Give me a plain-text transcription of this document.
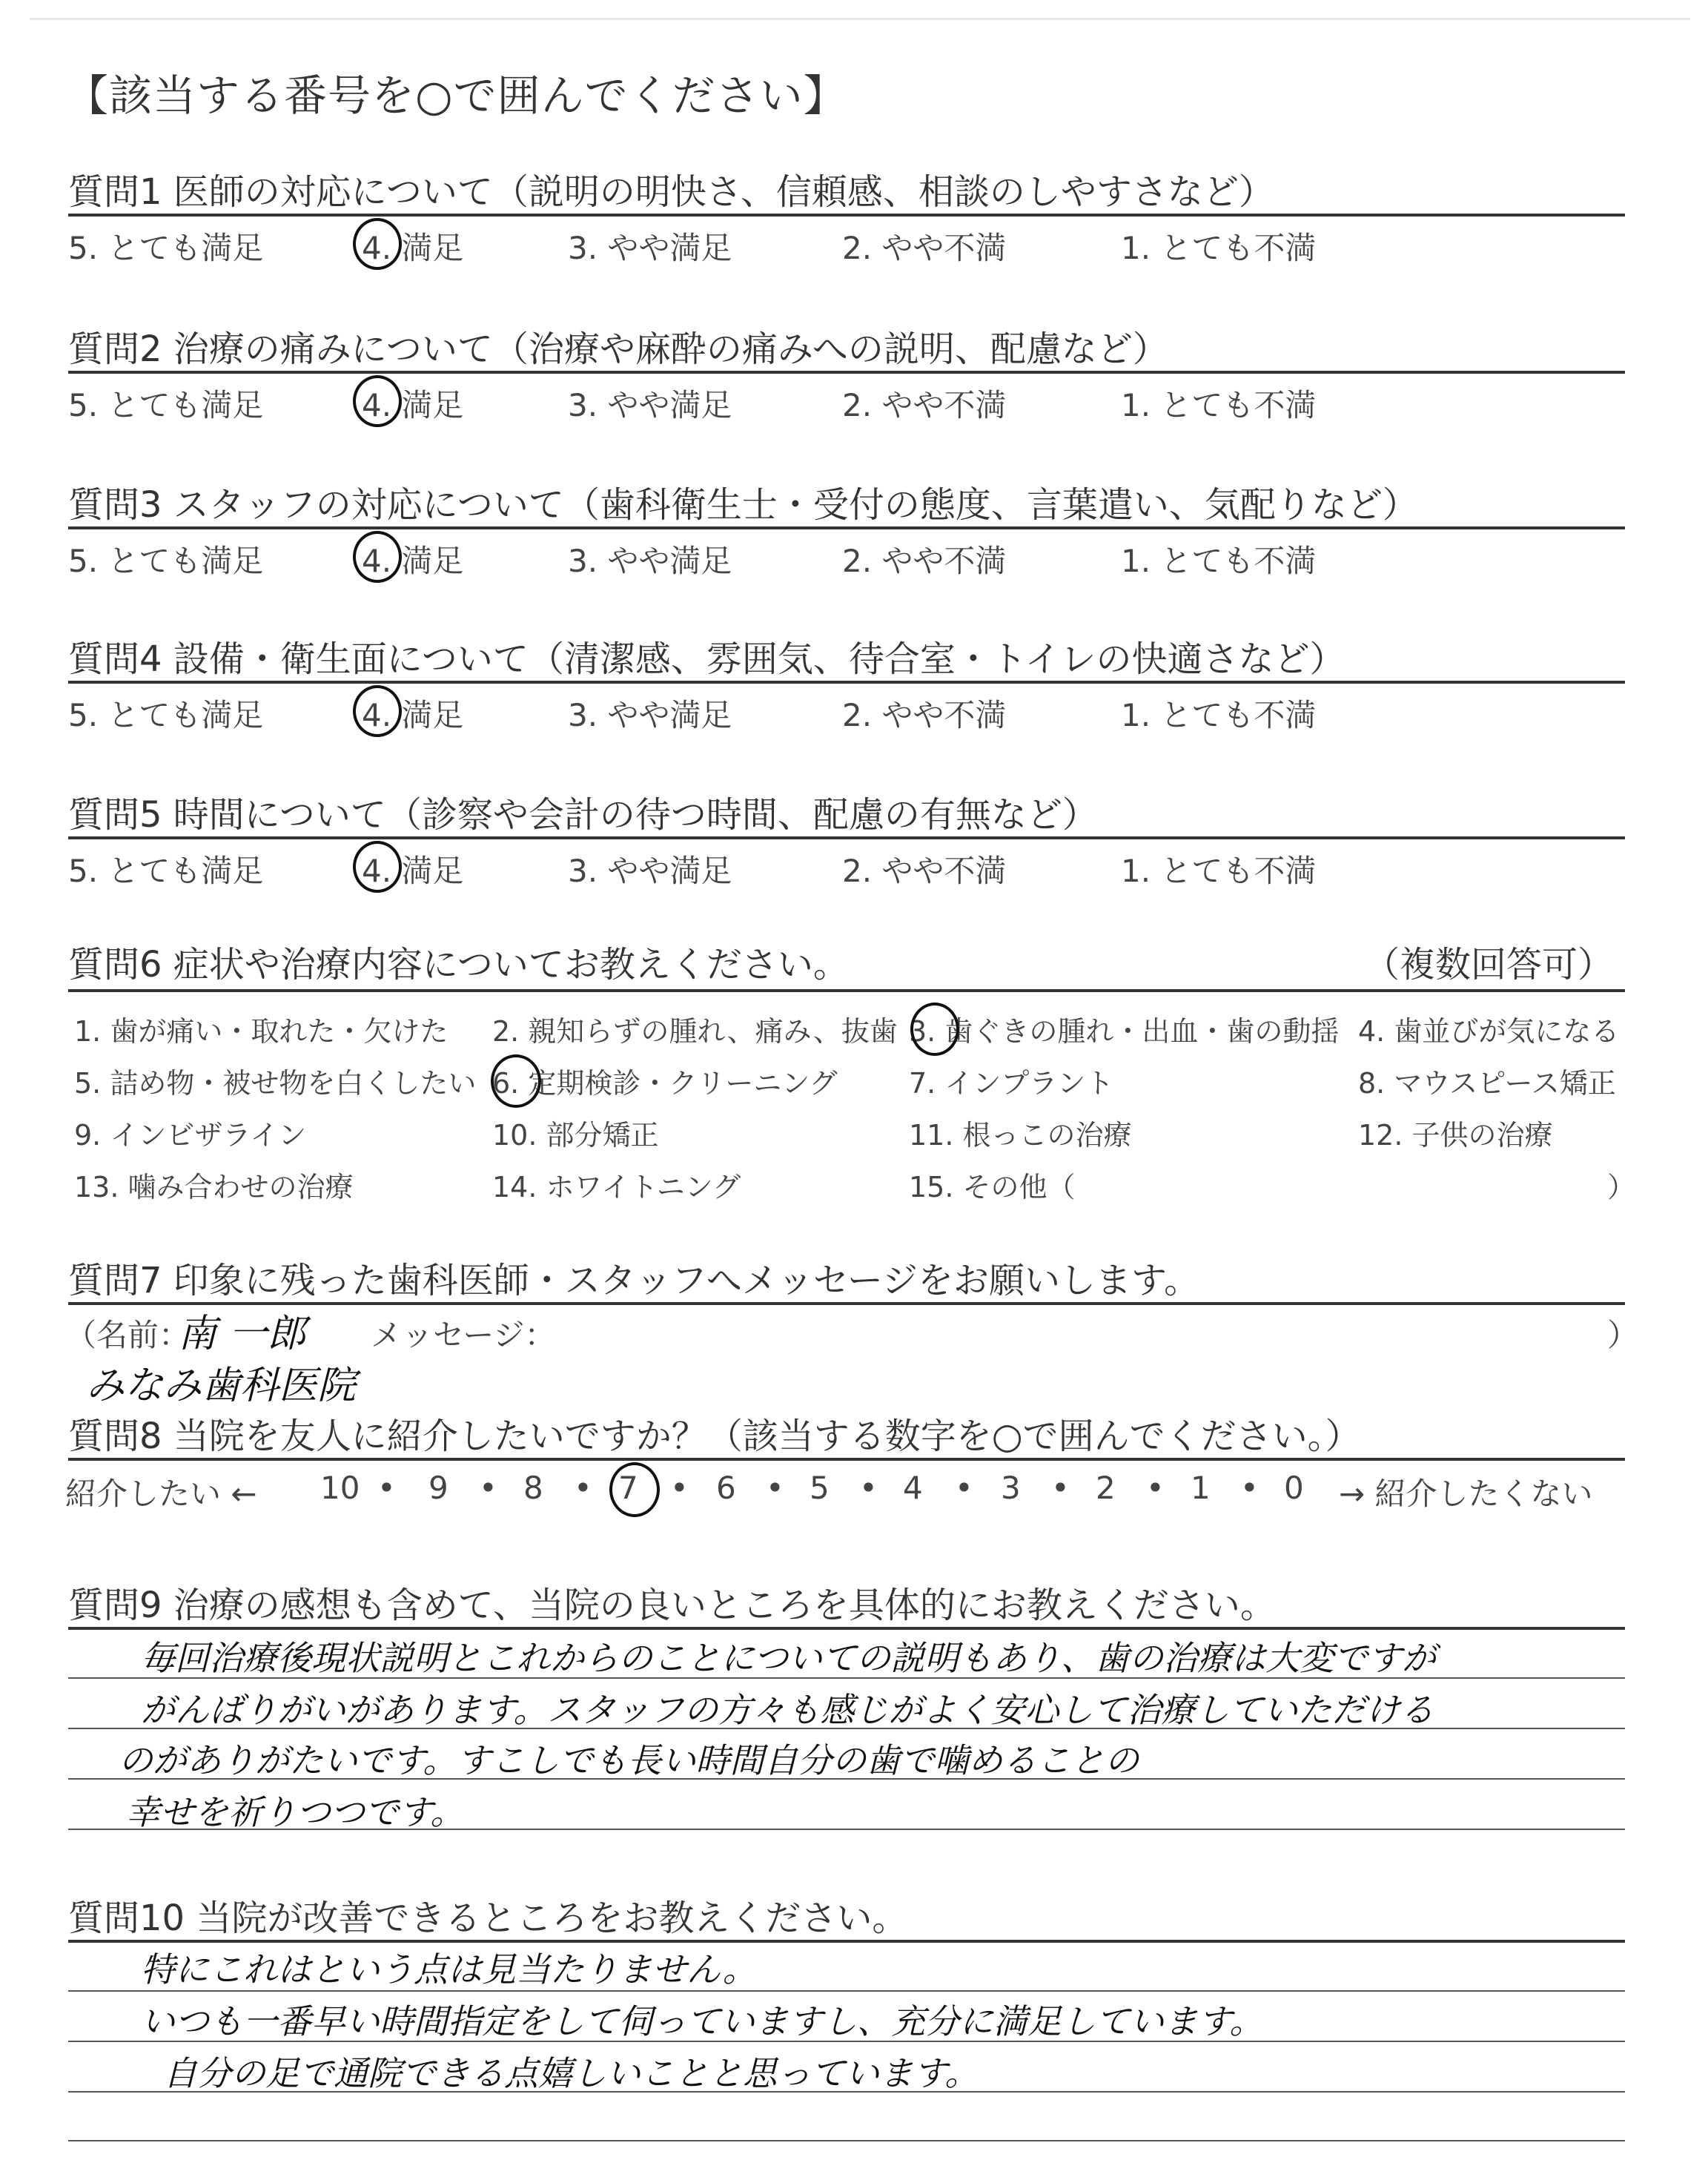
【該当する番号を○で囲んでください】
質問1 医師の対応について（説明の明快さ、信頼感、相談のしやすさなど）
5. とても満足	4. 満足	3. やや満足	2. やや不満	1. とても不満
質問2 治療の痛みについて（治療や麻酔の痛みへの説明、配慮など）
5. とても満足	4. 満足	3. やや満足	2. やや不満	1. とても不満
質問3 スタッフの対応について（歯科衛生士・受付の態度、言葉遣い、気配りなど）
5. とても満足	4. 満足	3. やや満足	2. やや不満	1. とても不満
質問4 設備・衛生面について（清潔感、雰囲気、待合室・トイレの快適さなど）
5. とても満足	4. 満足	3. やや満足	2. やや不満	1. とても不満
質問5 時間について（診察や会計の待つ時間、配慮の有無など）
5. とても満足	4. 満足	3. やや満足	2. やや不満	1. とても不満
質問6 症状や治療内容についてお教えください。	（複数回答可）
1. 歯が痛い・取れた・欠けた 2. 親知らずの腫れ、痛み、抜歯 3. 歯ぐきの腫れ・出血・歯の動揺 4. 歯並びが気になる
5. 詰め物・被せ物を白くしたい 6. 定期検診・クリーニング	7. インプラント	8. マウスピース矯正
9. インビザライン	10. 部分矯正	11. 根っこの治療	12. 子供の治療
13. 噛み合わせの治療	14. ホワイトニング	15. その他（	）
質問7 印象に残った歯科医師・スタッフへメッセージをお願いします。
（名前：
南 一郎 メッセージ：	）
みなみ歯科医院
質問8 当院を友人に紹介したいですか？（該当する数字を○で囲んでください。）
紹介したい ← 10 • 9 • 8 • 7 • 6 • 5 • 4 • 3 • 2 • 1 • 0 → 紹介したくない
質問9 治療の感想も含めて、当院の良いところを具体的にお教えください。
毎回治療後現状説明とこれからのことについての説明もあり、歯の治療は大変ですが
がんばりがいがあります。スタッフの方々も感じがよく安心して治療していただける
のがありがたいです。すこしでも長い時間自分の歯で噛めることの
幸せを祈りつつです。
質問10 当院が改善できるところをお教えください。
特にこれはという点は見当たりません。
いつも一番早い時間指定をして伺っていますし、充分に満足しています。
自分の足で通院できる点嬉しいことと思っています。
